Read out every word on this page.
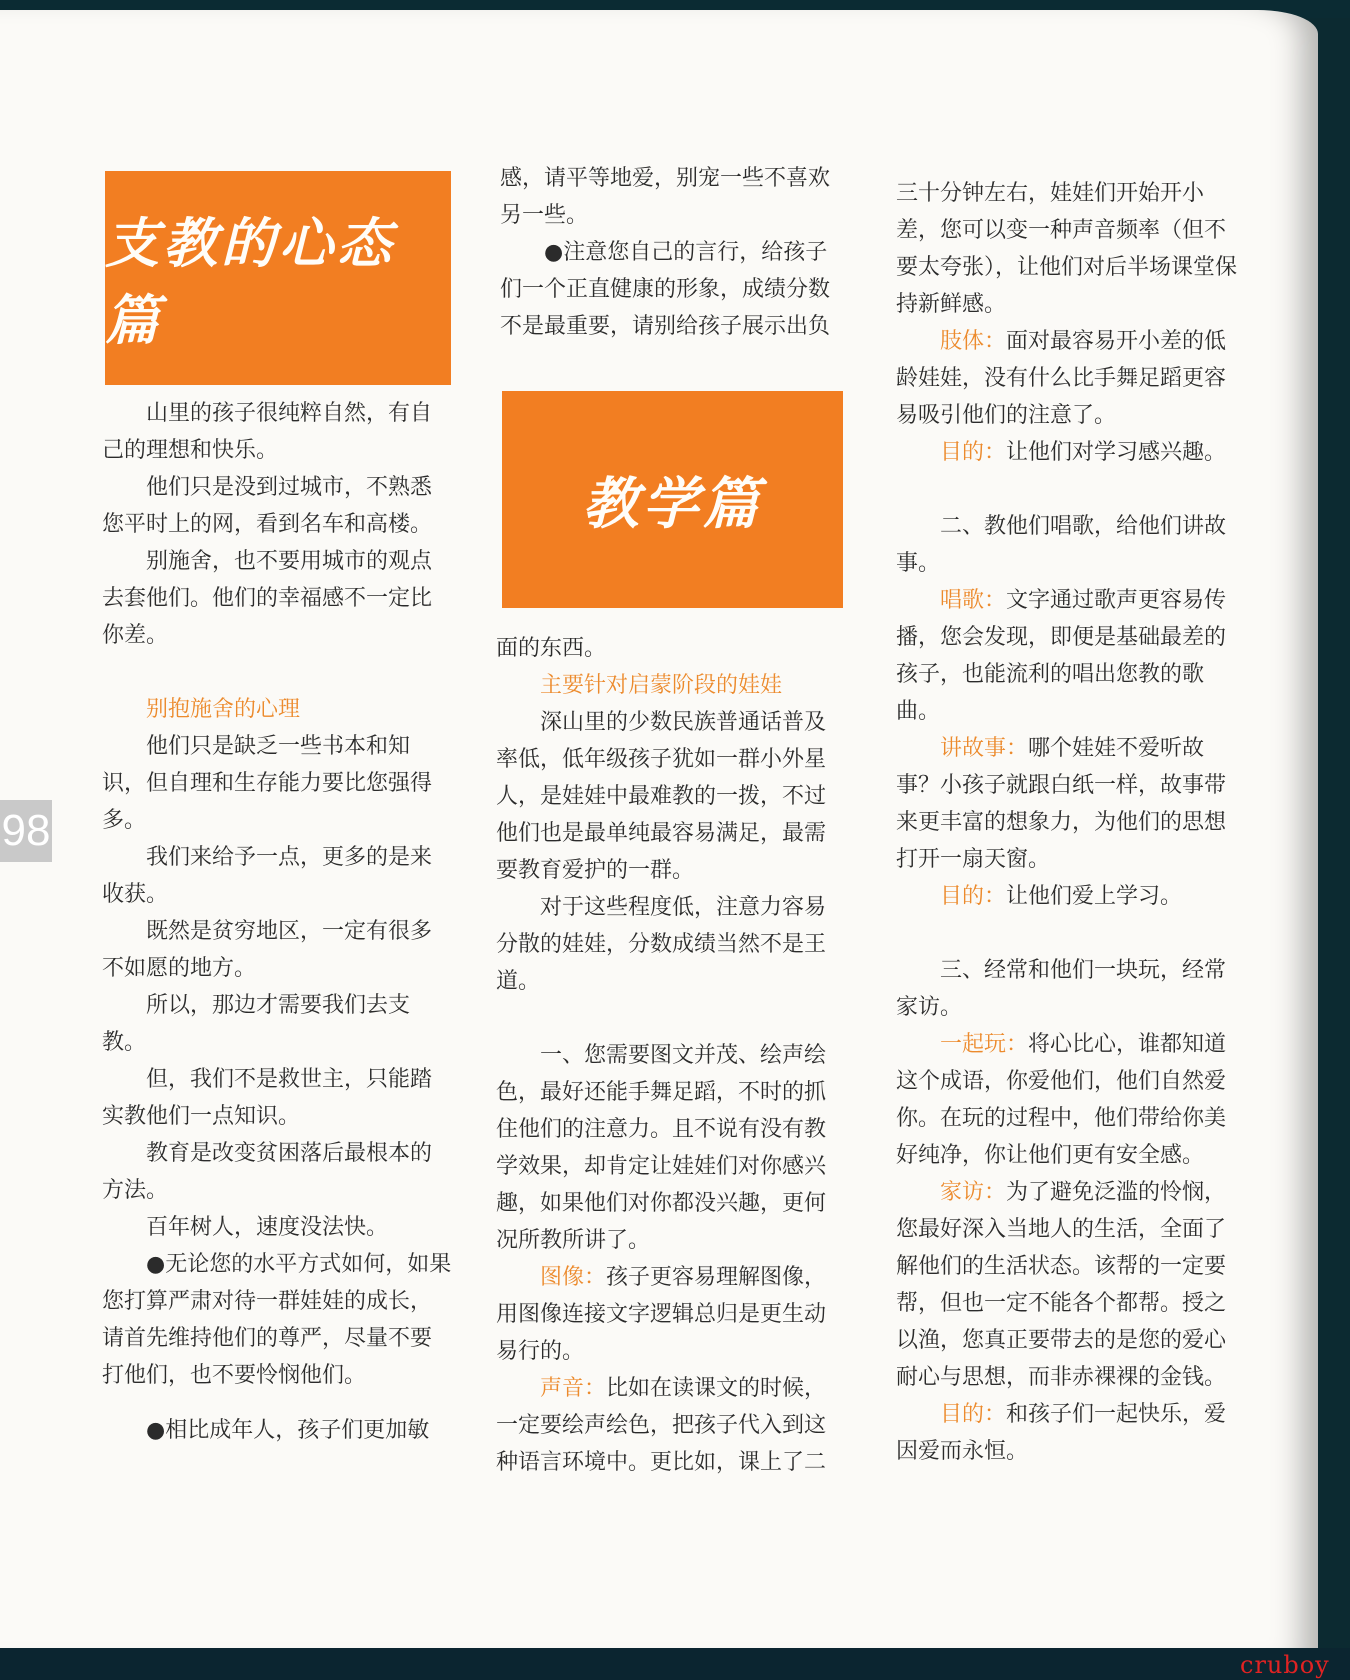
支教的心态篇
教学篇
98

山里的孩子很纯粹自然，有自己的理想和快乐。

他们只是没到过城市，不熟悉您平时上的网，看到名车和高楼。

别施舍，也不要用城市的观点去套他们。他们的幸福感不一定比你差。

别抱施舍的心理

他们只是缺乏一些书本和知识，但自理和生存能力要比您强得多。

我们来给予一点，更多的是来收获。

既然是贫穷地区，一定有很多不如愿的地方。

所以，那边才需要我们去支教。

但，我们不是救世主，只能踏实教他们一点知识。

教育是改变贫困落后最根本的方法。

百年树人，速度没法快。

●无论您的水平方式如何，如果您打算严肃对待一群娃娃的成长，请首先维持他们的尊严，尽量不要打他们，也不要怜悯他们。

●相比成年人，孩子们更加敏

感，请平等地爱，别宠一些不喜欢另一些。

●注意您自己的言行，给孩子们一个正直健康的形象，成绩分数不是最重要，请别给孩子展示出负

面的东西。

主要针对启蒙阶段的娃娃

深山里的少数民族普通话普及率低，低年级孩子犹如一群小外星人，是娃娃中最难教的一拨，不过他们也是最单纯最容易满足，最需要教育爱护的一群。

对于这些程度低，注意力容易分散的娃娃，分数成绩当然不是王道。

一、您需要图文并茂、绘声绘色，最好还能手舞足蹈，不时的抓住他们的注意力。且不说有没有教学效果，却肯定让娃娃们对你感兴趣，如果他们对你都没兴趣，更何况所教所讲了。

图像：孩子更容易理解图像，用图像连接文字逻辑总归是更生动易行的。

声音：比如在读课文的时候，一定要绘声绘色，把孩子代入到这种语言环境中。更比如，课上了二

三十分钟左右，娃娃们开始开小差，您可以变一种声音频率（但不要太夸张），让他们对后半场课堂保持新鲜感。

肢体：面对最容易开小差的低龄娃娃，没有什么比手舞足蹈更容易吸引他们的注意了。

目的：让他们对学习感兴趣。

二、教他们唱歌，给他们讲故事。

唱歌：文字通过歌声更容易传播，您会发现，即便是基础最差的孩子，也能流利的唱出您教的歌曲。

讲故事：哪个娃娃不爱听故事？小孩子就跟白纸一样，故事带来更丰富的想象力，为他们的思想打开一扇天窗。

目的：让他们爱上学习。

三、经常和他们一块玩，经常家访。

一起玩：将心比心，谁都知道这个成语，你爱他们，他们自然爱你。在玩的过程中，他们带给你美好纯净，你让他们更有安全感。

家访：为了避免泛滥的怜悯，您最好深入当地人的生活，全面了解他们的生活状态。该帮的一定要帮，但也一定不能各个都帮。授之以渔，您真正要带去的是您的爱心耐心与思想，而非赤裸裸的金钱。

目的：和孩子们一起快乐，爱因爱而永恒。

cruboy
